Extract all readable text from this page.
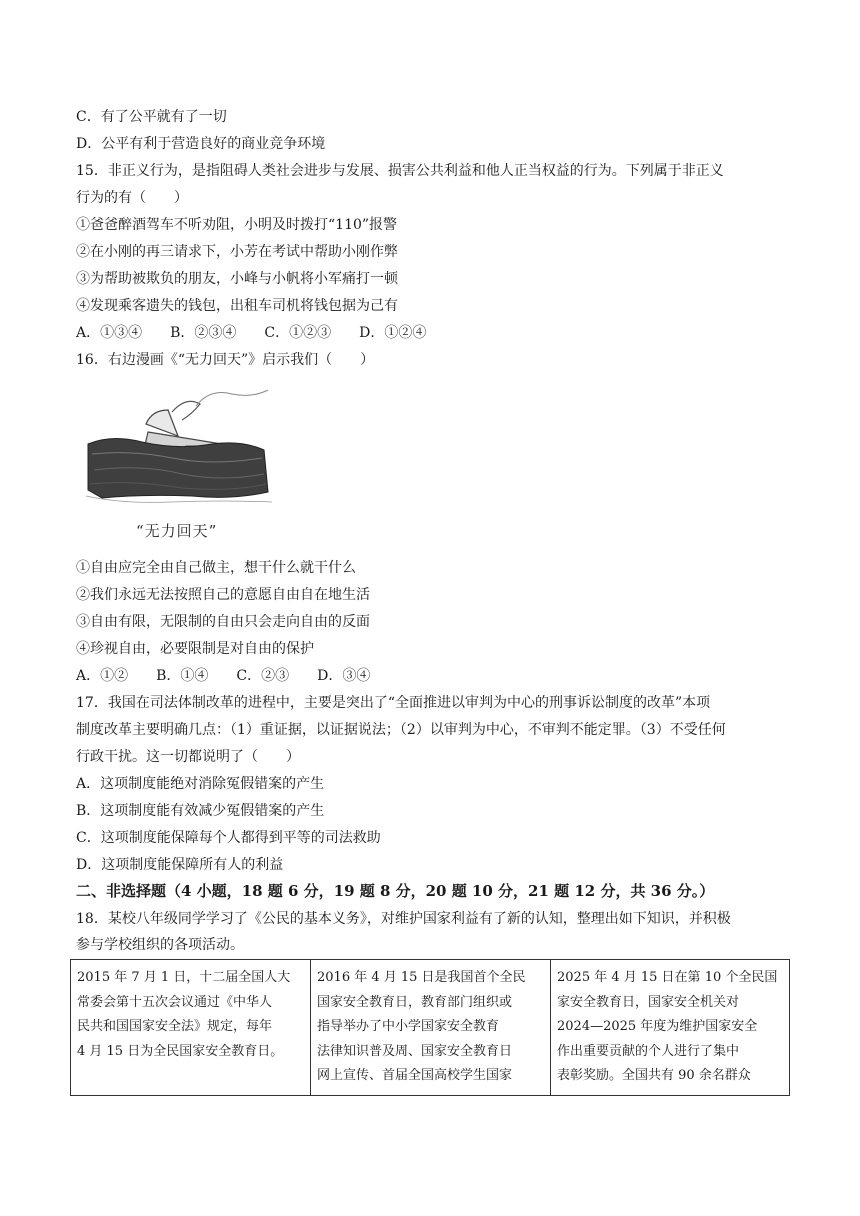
C．有了公平就有了一切
D．公平有利于营造良好的商业竞争环境
15．非正义行为，是指阻碍人类社会进步与发展、损害公共利益和他人正当权益的行为。下列属于非正义
行为的有（　　）
①爸爸醉酒驾车不听劝阻，小明及时拨打“110”报警
②在小刚的再三请求下，小芳在考试中帮助小刚作弊
③为帮助被欺负的朋友，小峰与小帆将小军痛打一顿
④发现乘客遗失的钱包，出租车司机将钱包据为己有
A．①③④　　B．②③④　　C．①②③　　D．①②④
16．右边漫画《“无力回天”》启示我们（　　）
“无力回天”
①自由应完全由自己做主，想干什么就干什么
②我们永远无法按照自己的意愿自由自在地生活
③自由有限，无限制的自由只会走向自由的反面
④珍视自由，必要限制是对自由的保护
A．①②　　B．①④　　C．②③　　D．③④
17．我国在司法体制改革的进程中，主要是突出了“全面推进以审判为中心的刑事诉讼制度的改革”本项
制度改革主要明确几点：（1）重证据，以证据说法；（2）以审判为中心，不审判不能定罪。（3）不受任何
行政干扰。这一切都说明了（　　）
A．这项制度能绝对消除冤假错案的产生
B．这项制度能有效减少冤假错案的产生
C．这项制度能保障每个人都得到平等的司法救助
D．这项制度能保障所有人的利益
二、非选择题（4 小题，18 题 6 分，19 题 8 分，20 题 10 分，21 题 12 分，共 36 分。）
18．某校八年级同学学习了《公民的基本义务》，对维护国家利益有了新的认知，整理出如下知识，并积极
参与学校组织的各项活动。
2015 年 7 月 1 日，十二届全国人大
常委会第十五次会议通过《中华人
民共和国国家安全法》规定，每年
4 月 15 日为全民国家安全教育日。

2016 年 4 月 15 日是我国首个全民
国家安全教育日，教育部门组织或
指导举办了中小学国家安全教育
法律知识普及周、国家安全教育日
网上宣传、首届全国高校学生国家

2025 年 4 月 15 日在第 10 个全民国
家安全教育日，国家安全机关对
2024—2025 年度为维护国家安全
作出重要贡献的个人进行了集中
表彰奖励。全国共有 90 余名群众
